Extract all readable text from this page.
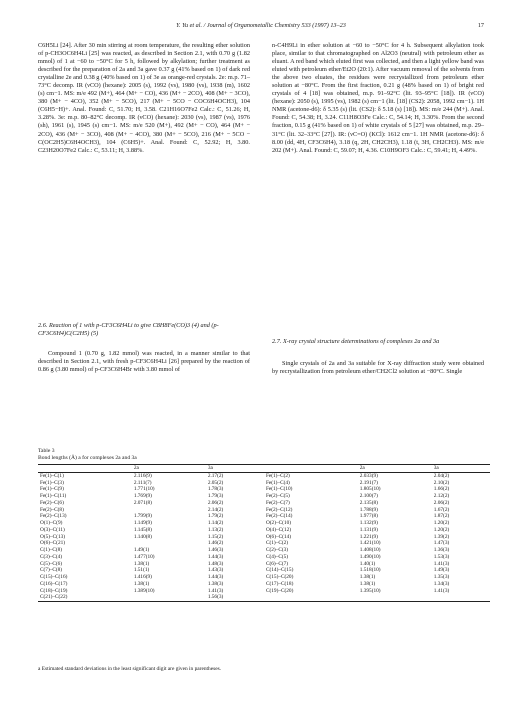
Y. Yu et al. / Journal of Organometallic Chemistry 533 (1997) 13–23	17

C6H5Li [24]. After 30 min stirring at room temperature, the resulting ether solution of p-CH3OC6H4Li [25] was reacted, as described in Section 2.1, with 0.70 g (1.82 mmol) of 1 at −60 to −50°C for 5 h, followed by alkylation; further treatment as described for the preparation of 2a and 3a gave 0.37 g (41% based on 1) of dark red crystalline 2e and 0.38 g (40% based on 1) of 3e as orange-red crystals. 2e: m.p. 71–73°C decomp. IR (νCO) (hexane): 2005 (s), 1992 (vs), 1980 (vs), 1938 (m), 1602 (s) cm−1. MS: m/e 492 (M+), 464 (M+ − CO), 436 (M+ − 2CO), 408 (M+ − 3CO), 380 (M+ − 4CO), 352 (M+ − 5CO), 217 (M+ − 5CO − COC6H4OCH3), 104 (C6H5−H)+. Anal. Found: C, 51.70; H, 3.58. C21H16O7Fe2 Calc.: C, 51.26; H, 3.28%. 3e: m.p. 80–82°C decomp. IR (νCO) (hexane): 2030 (vs), 1987 (vs), 1976 (sh), 1961 (s), 1945 (s) cm−1. MS: m/e 520 (M+), 492 (M+ − CO), 464 (M+ − 2CO), 436 (M+ − 3CO), 408 (M+ − 4CO), 380 (M+ − 5CO), 216 (M+ − 5CO − C(OC2H5)C6H4OCH3), 104 (C6H5)+. Anal. Found: C, 52.92; H, 3.80. C23H20O7Fe2 Calc.: C, 53.11; H, 3.88%.

2.6. Reaction of 1 with p-CF3C6H4Li to give C8H8Fe(CO)3 (4) and (p-CF3C6H4)C(C2H5) (5)
Compound 1 (0.70 g, 1.82 mmol) was reacted, in a manner similar to that described in Section 2.1, with fresh p-CF3C6H4Li [26] prepared by the reaction of 0.86 g (3.80 mmol) of p-CF3C6H4Br with 3.80 mmol of

n-C4H9Li in ether solution at −60 to −50°C for 4 h. Subsequent alkylation took place, similar to that chromatographed on Al2O3 (neutral) with petroleum ether as eluant. A red band which eluted first was collected, and then a light yellow band was eluted with petroleum ether/Et2O (20:1). After vacuum removal of the solvents from the above two eluates, the residues were recrystallized from petroleum ether solution at −80°C. From the first fraction, 0.21 g (48% based on 1) of bright red crystals of 4 [18] was obtained, m.p. 91–92°C (lit. 93–95°C [18]). IR (νCO) (hexane): 2050 (s), 1995 (vs), 1982 (s) cm−1 (lit. [18] (CS2): 2058, 1992 cm−1). 1H NMR (acetone-d6): δ 5.35 (s) (lit. (CS2): δ 5.18 (s) [18]). MS: m/e 244 (M+). Anal. Found: C, 54.38; H, 3.24. C11H8O3Fe Calc.: C, 54.14; H, 3.30%. From the second fraction, 0.15 g (41% based on 1) of white crystals of 5 [27] was obtained, m.p. 29–31°C (lit. 32–33°C [27]). IR: (νC=O) (KCl): 1612 cm−1. 1H NMR (acetone-d6): δ 8.00 (dd, 4H, CF3C6H4), 3.18 (q, 2H, CH2CH3), 1.18 (t, 3H, CH2CH3). MS: m/e 202 (M+). Anal. Found: C, 59.07; H, 4.36. C10H9OF3 Calc.: C, 59.41; H, 4.49%.

2.7. X-ray crystal structure determinations of complexes 2a and 3a
Single crystals of 2a and 3a suitable for X-ray diffraction study were obtained by recrystallization from petroleum ether/CH2Cl2 solution at −80°C. Single
Table 3
Bond lengths (Å) a for complexes 2a and 3a
	2a	3a		2a	3a
Fe(1)–C(1)	2.116(9)	2.17(2)	Fe(1)–C(2)	2.033(9)	2.04(2)
Fe(1)–C(3)	2.111(7)	2.05(2)	Fe(1)–C(4)	2.191(7)	2.10(2)
Fe(1)–C(9)	1.771(10)	1.78(3)	Fe(1)–C(10)	1.805(10)	1.66(2)
Fe(1)–C(11)	1.769(9)	1.79(3)	Fe(2)–C(5)	2.100(7)	2.12(2)
Fe(2)–C(6)	2.071(8)	2.06(2)	Fe(2)–C(7)	2.135(8)	2.06(2)
Fe(2)–C(8)		2.14(2)	Fe(2)–C(12)	1.788(9)	1.67(2)
Fe(2)–C(13)	1.799(9)	1.79(2)	Fe(2)–C(14)	1.977(8)	1.87(2)
O(1)–C(9)	1.149(9)	1.14(2)	O(2)–C(10)	1.132(9)	1.20(2)
O(3)–C(11)	1.145(8)	1.13(2)	O(4)–C(12)	1.131(9)	1.20(2)
O(5)–C(13)	1.140(8)	1.15(2)	O(6)–C(14)	1.221(9)	1.39(2)
O(6)–C(21)		1.46(2)	C(1)–C(2)	1.421(10)	1.47(3)
C(1)–C(8)	1.49(1)	1.46(3)	C(2)–C(3)	1.408(10)	1.36(3)
C(3)–C(4)	1.477(10)	1.44(3)	C(4)–C(5)	1.490(10)	1.53(3)
C(5)–C(6)	1.38(1)	1.48(3)	C(6)–C(7)	1.40(1)	1.41(3)
C(7)–C(8)	1.51(1)	1.43(3)	C(14)–C(15)	1.518(10)	1.49(3)
C(15)–C(16)	1.416(9)	1.44(3)	C(15)–C(20)	1.38(1)	1.35(3)
C(16)–C(17)	1.38(1)	1.38(3)	C(17)–C(18)	1.38(1)	1.34(3)
C(18)–C(19)	1.389(10)	1.41(3)	C(19)–C(20)	1.395(10)	1.41(3)
C(21)–C(22)		1.56(3)			
a Estimated standard deviations in the least significant digit are given in parentheses.
